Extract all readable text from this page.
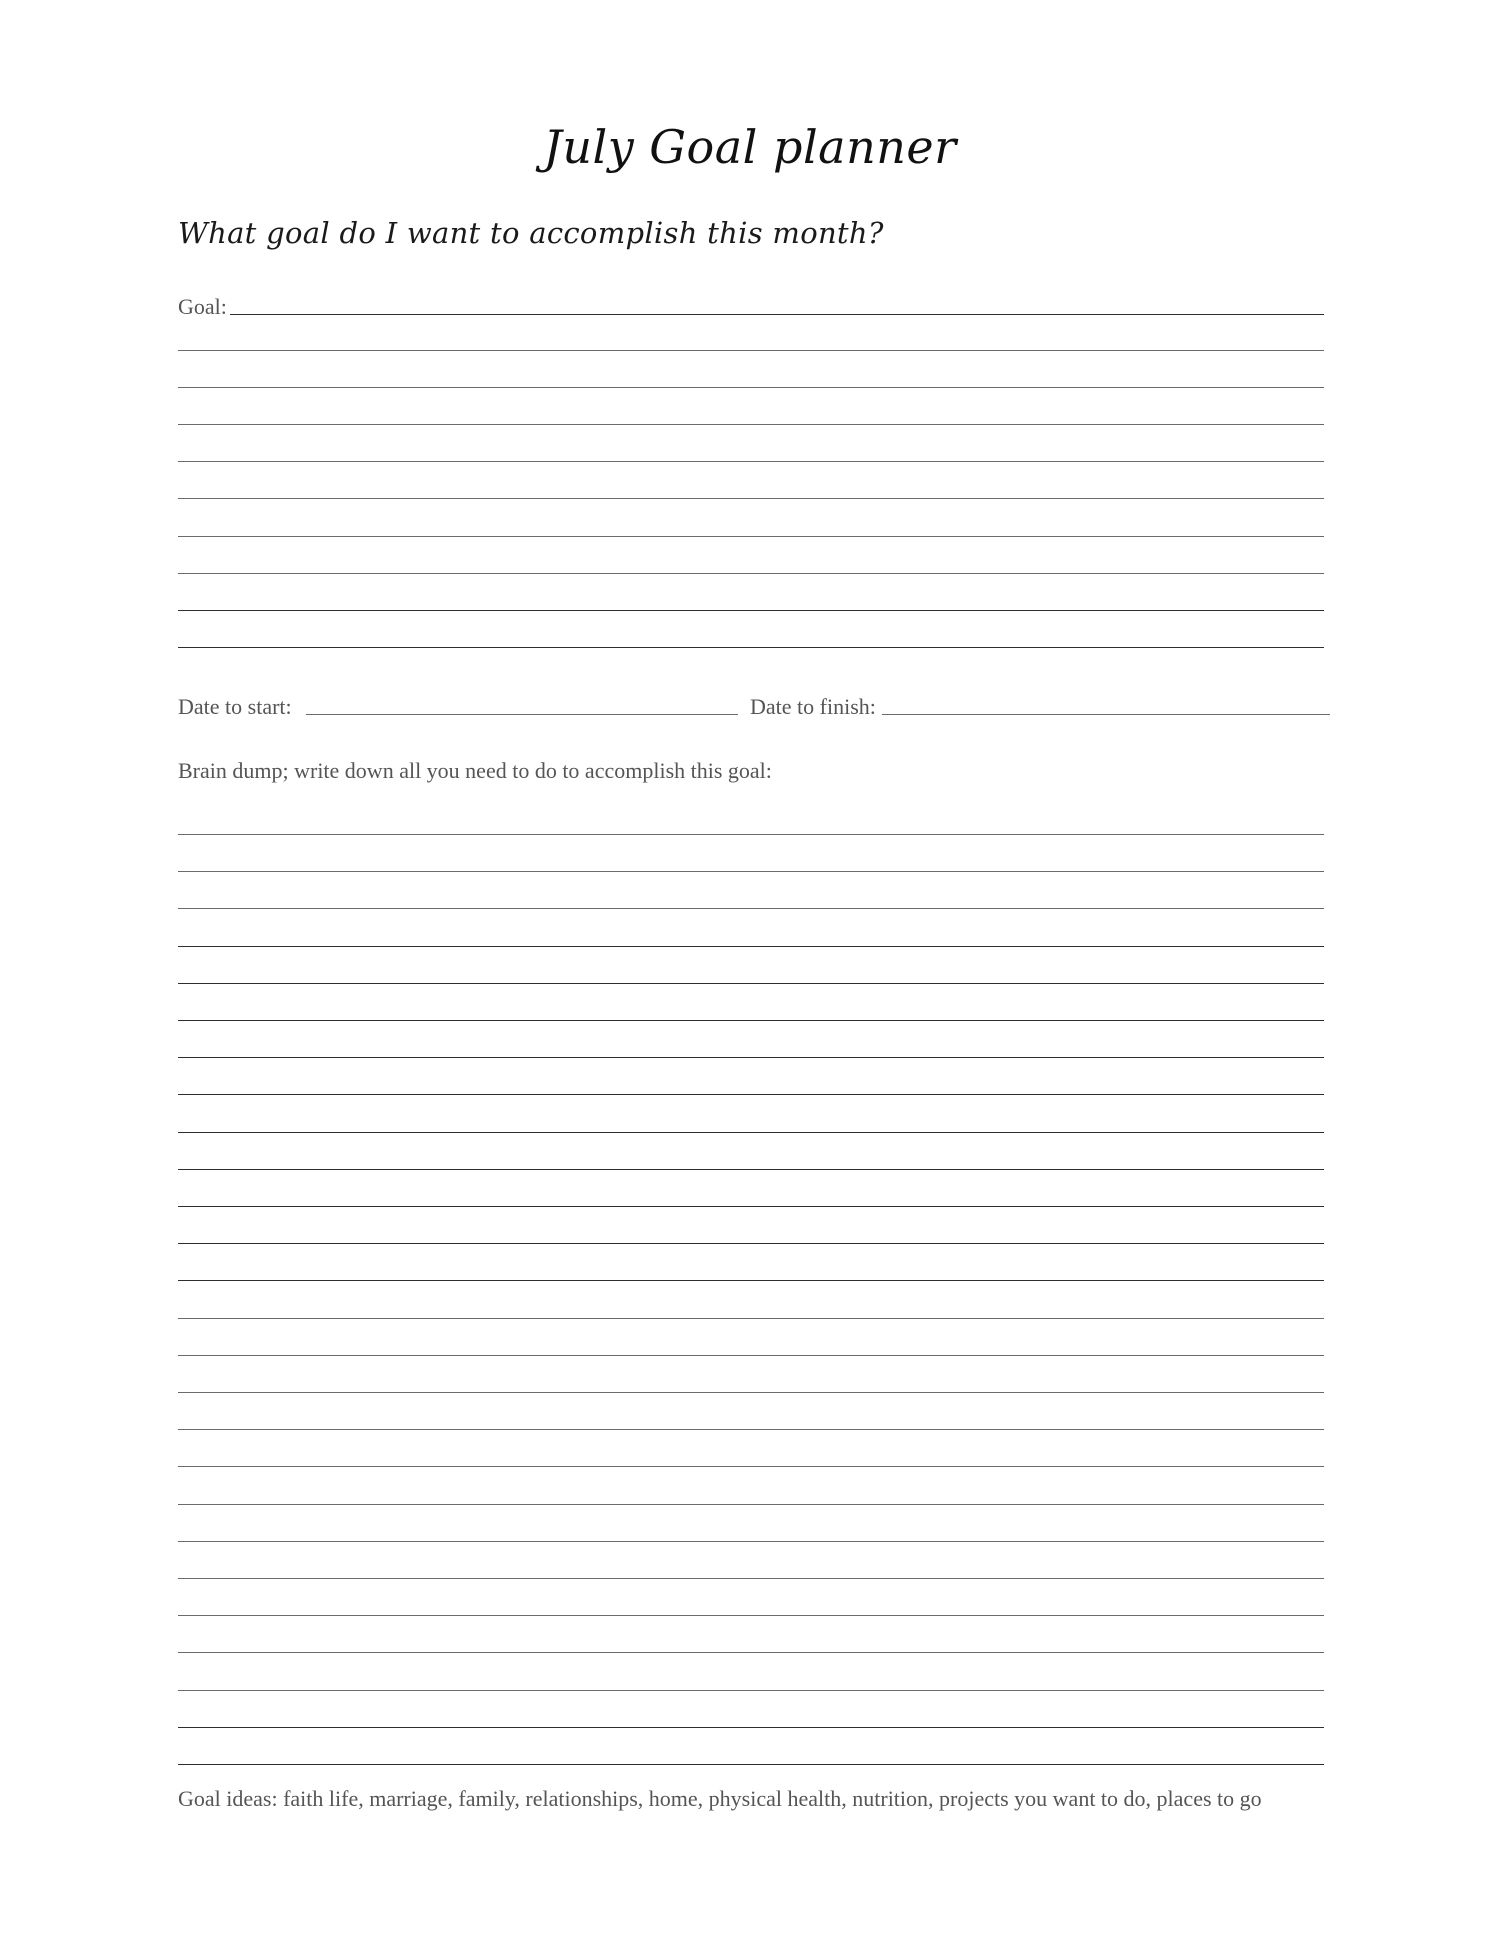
July Goal planner
What goal do I want to accomplish this month?
Goal:
Date to start:	Date to finish:
Brain dump; write down all you need to do to accomplish this goal:
Goal ideas: faith life, marriage, family, relationships, home, physical health, nutrition, projects you want to do, places to go
